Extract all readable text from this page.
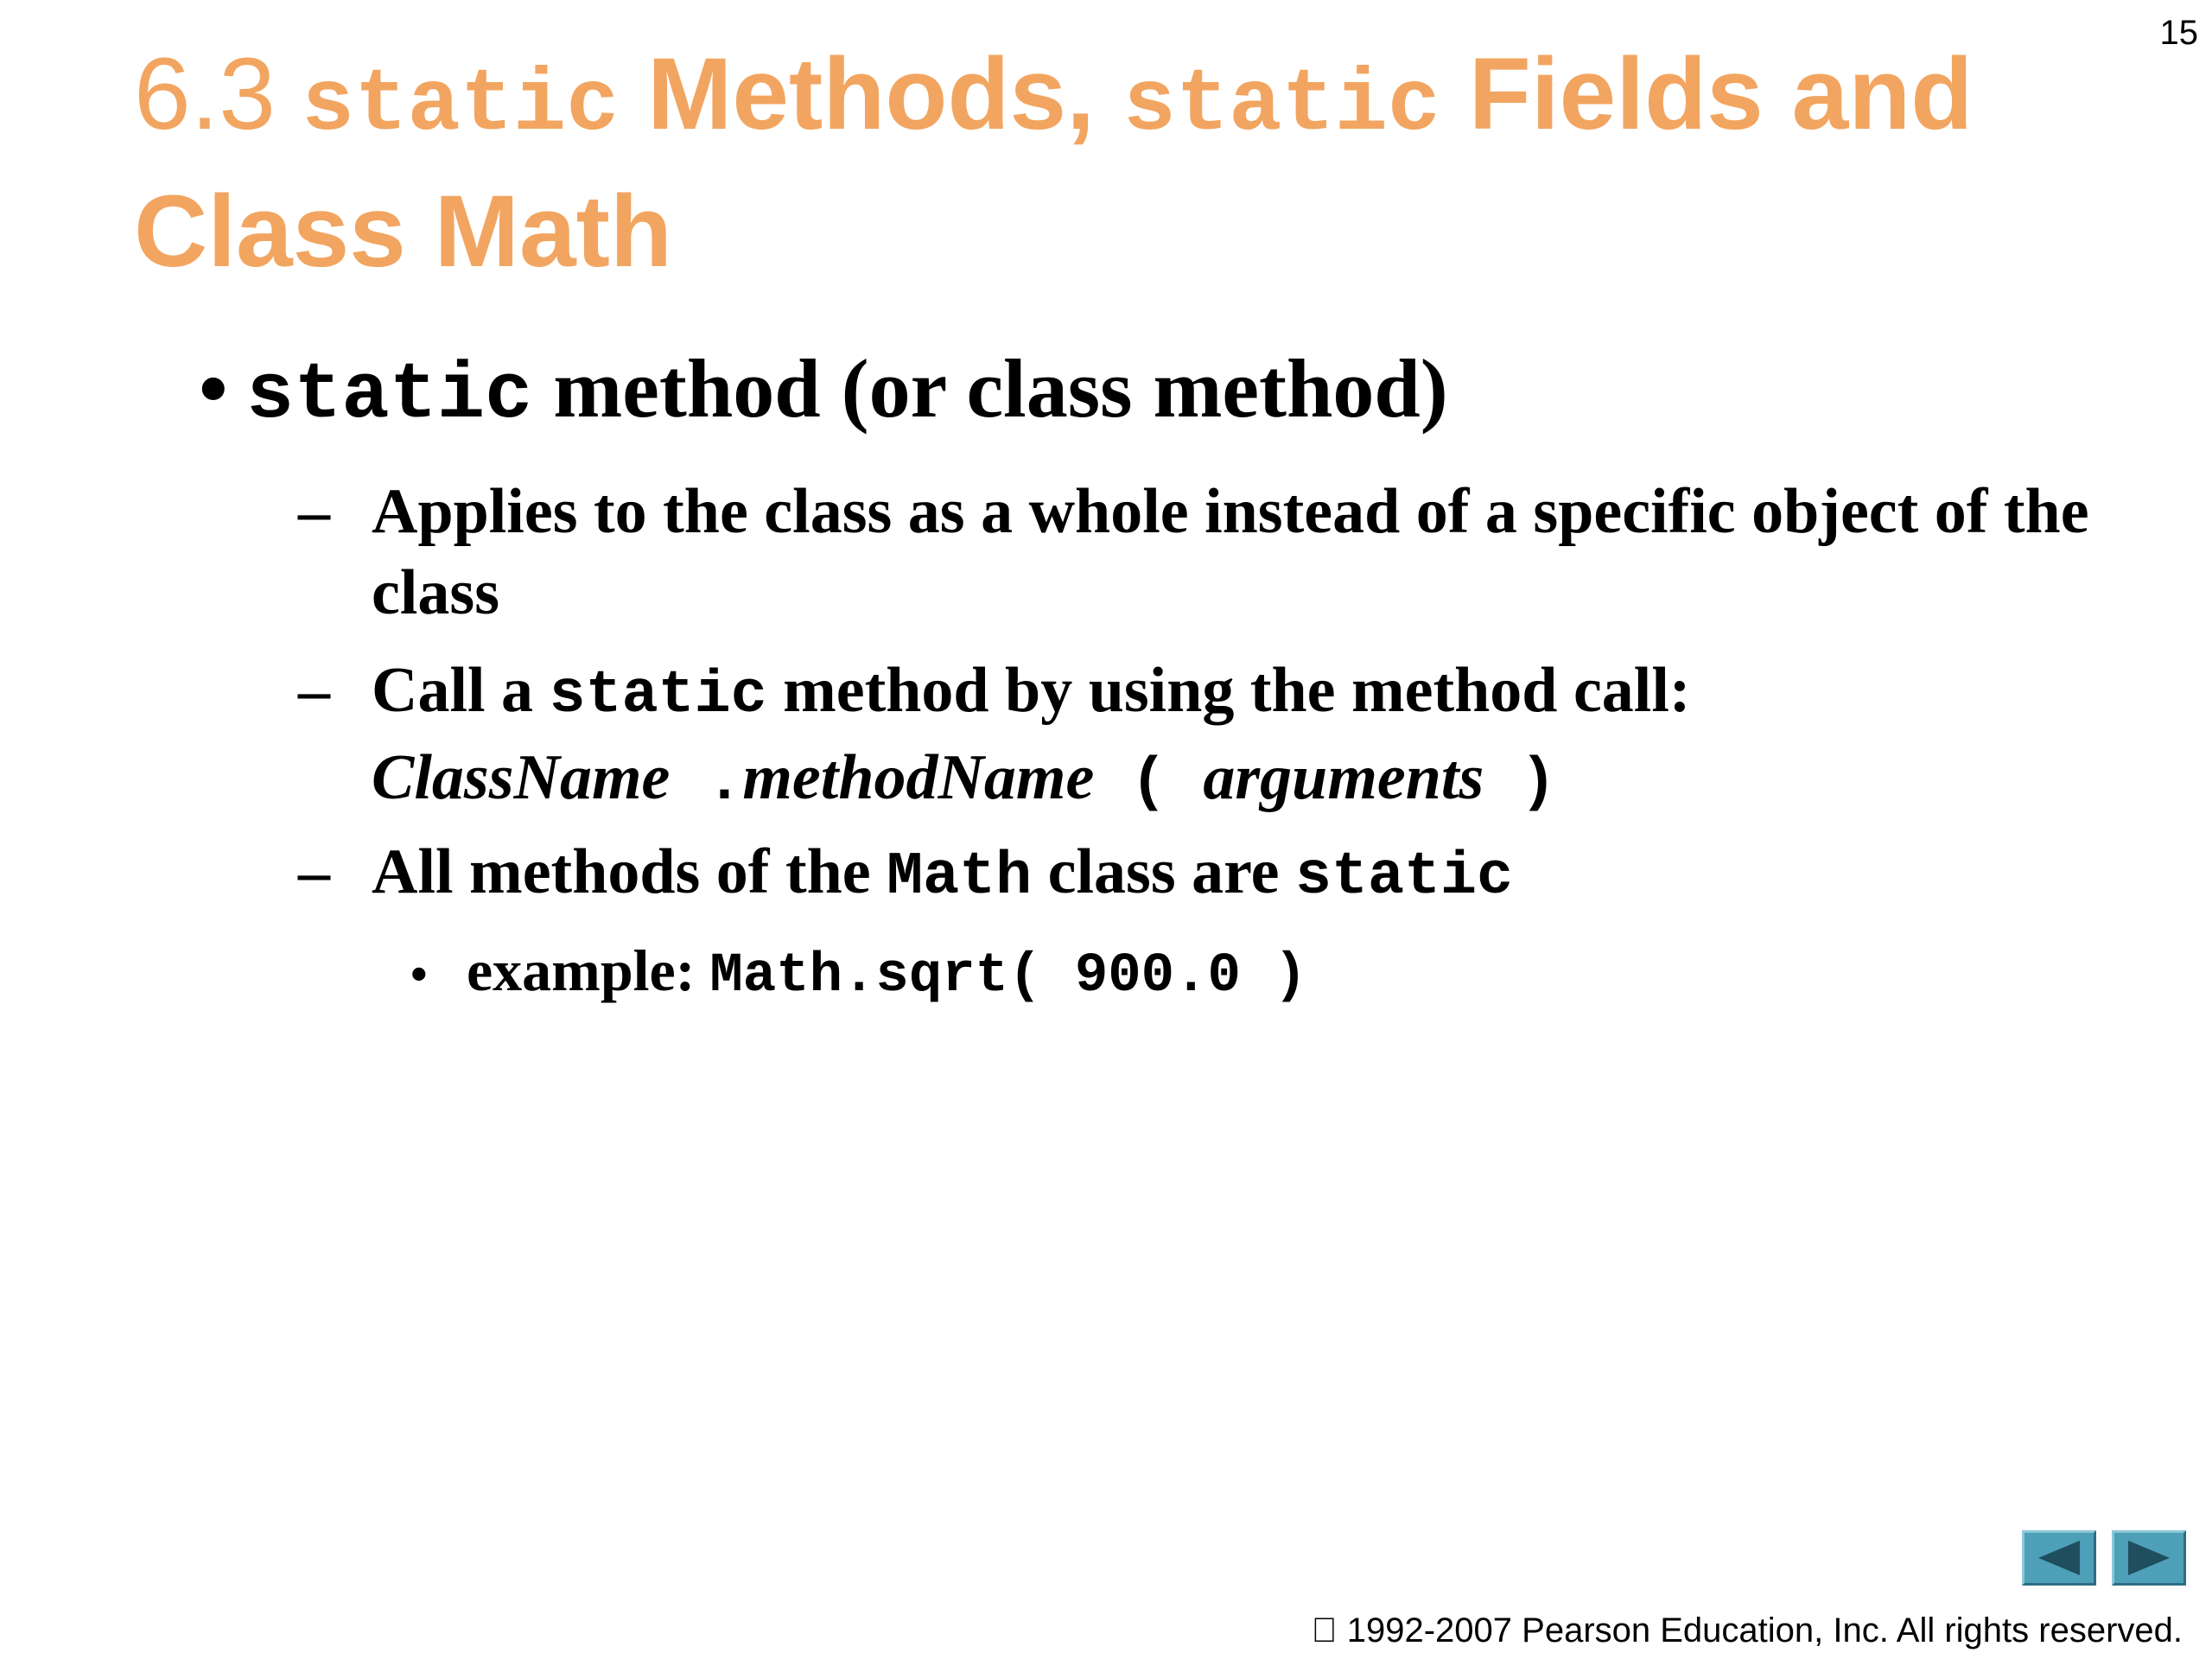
15
6.3 static Methods, static Fields and Class Math
• static method (or class method)
– Applies to the class as a whole instead of a specific object of the class
– Call a static method by using the method call:
ClassName .methodName ( arguments )
– All methods of the Math class are static
• example: Math.sqrt( 900.0 )
1992-2007 Pearson Education, Inc. All rights reserved.
